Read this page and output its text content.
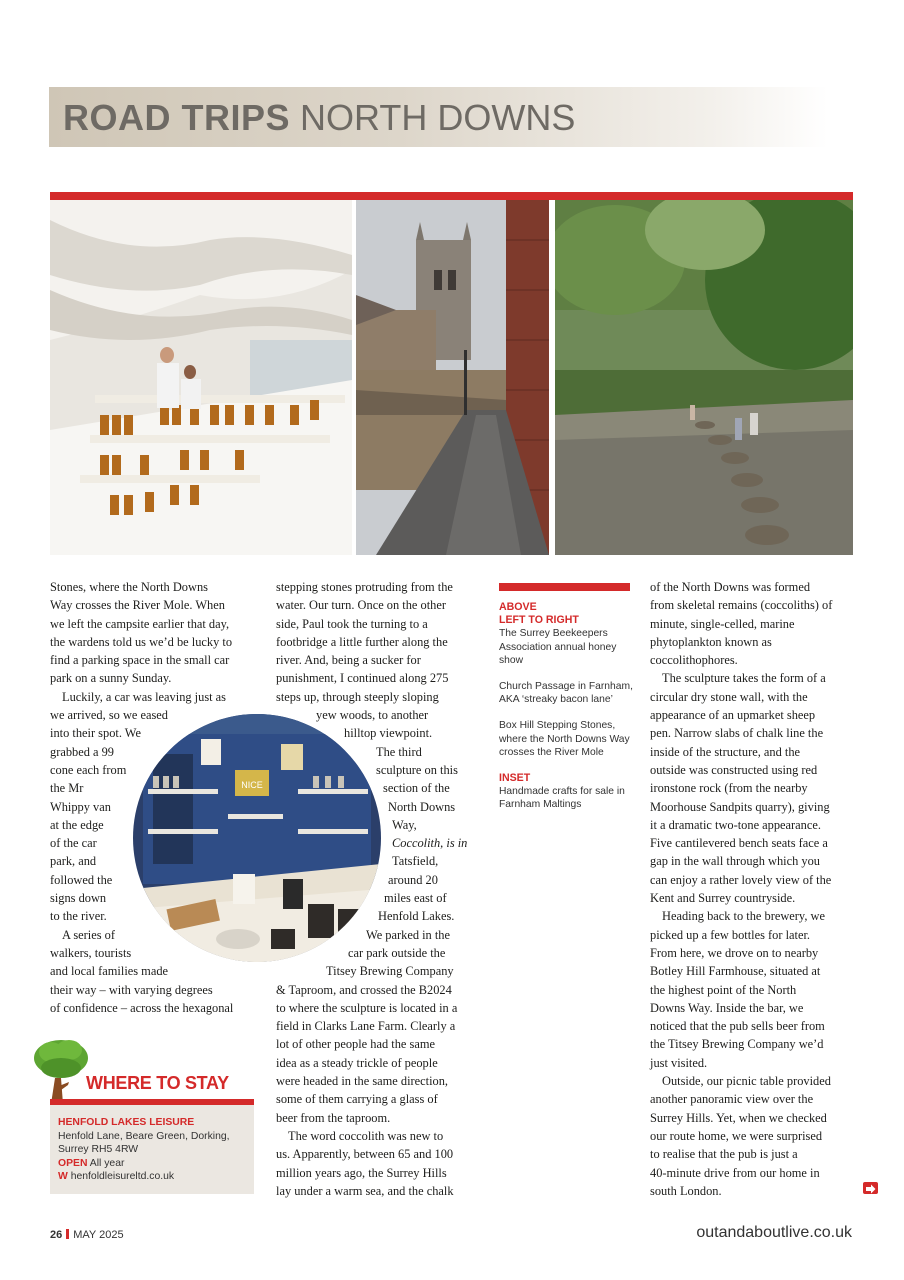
ROAD TRIPS NORTH DOWNS
Stones, where the North Downs
Way crosses the River Mole. When
we left the campsite earlier that day,
the wardens told us we’d be lucky to
find a parking space in the small car
park on a sunny Sunday.
Luckily, a car was leaving just as
we arrived, so we eased
into their spot. We
grabbed a 99
cone each from
the Mr
Whippy van
at the edge
of the car
park, and
followed the
signs down
to the river.
A series of
walkers, tourists
and local families made
their way – with varying degrees
of confidence – across the hexagonal
stepping stones protruding from the
water. Our turn. Once on the other
side, Paul took the turning to a
footbridge a little further along the
river. And, being a sucker for
punishment, I continued along 275
steps up, through steeply sloping
yew woods, to another
hilltop viewpoint.
The third
sculpture on this
section of the
North Downs
Way,
Coccolith, is in
Tatsfield,
around 20
miles east of
Henfold Lakes.
We parked in the
car park outside the
Titsey Brewing Company
& Taproom, and crossed the B2024
to where the sculpture is located in a
field in Clarks Lane Farm. Clearly a
lot of other people had the same
idea as a steady trickle of people
were headed in the same direction,
some of them carrying a glass of
beer from the taproom.
The word coccolith was new to
us. Apparently, between 65 and 100
million years ago, the Surrey Hills
lay under a warm sea, and the chalk
NICE
ABOVE
LEFT TO RIGHT
The Surrey Beekeepers Association annual honey show
Church Passage in Farnham, AKA ‘streaky bacon lane’
Box Hill Stepping Stones, where the North Downs Way crosses the River Mole
INSET
Handmade crafts for sale in Farnham Maltings
of the North Downs was formed
from skeletal remains (coccoliths) of
minute, single-celled, marine
phytoplankton known as
coccolithophores.
The sculpture takes the form of a
circular dry stone wall, with the
appearance of an upmarket sheep
pen. Narrow slabs of chalk line the
inside of the structure, and the
outside was constructed using red
ironstone rock (from the nearby
Moorhouse Sandpits quarry), giving
it a dramatic two-tone appearance.
Five cantilevered bench seats face a
gap in the wall through which you
can enjoy a rather lovely view of the
Kent and Surrey countryside.
Heading back to the brewery, we
picked up a few bottles for later.
From here, we drove on to nearby
Botley Hill Farmhouse, situated at
the highest point of the North
Downs Way. Inside the bar, we
noticed that the pub sells beer from
the Titsey Brewing Company we’d
just visited.
Outside, our picnic table provided
another panoramic view over the
Surrey Hills. Yet, when we checked
our route home, we were surprised
to realise that the pub is just a
40-minute drive from our home in
south London.
WHERE TO STAY
HENFOLD LAKES LEISURE
Henfold Lane, Beare Green, Dorking,
Surrey RH5 4RW
OPEN All year
W henfoldleisureltd.co.uk
26 MAY 2025	outandaboutlive.co.uk
